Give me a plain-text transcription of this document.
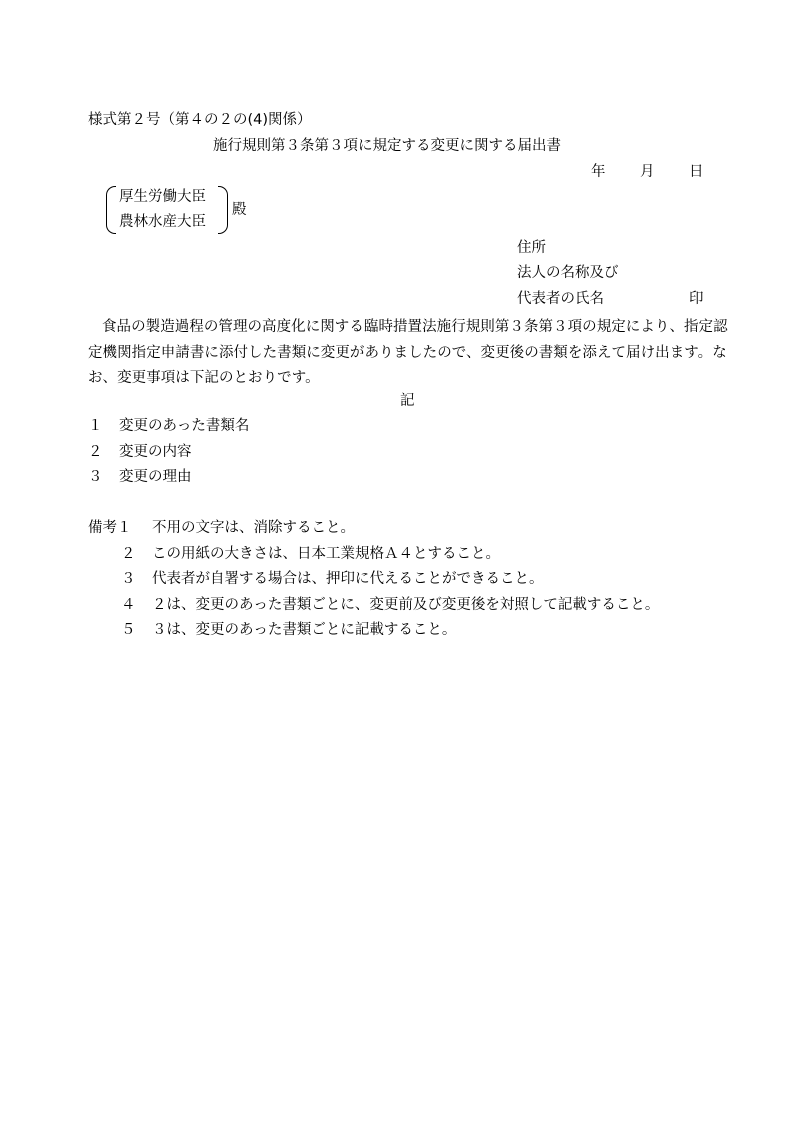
様式第２号（第４の２の(4)関係）
施行規則第３条第３項に規定する変更に関する届出書
年 月 日
厚生労働大臣
農林水産大臣
殿
住所
法人の名称及び
代表者の氏名	印
食品の製造過程の管理の高度化に関する臨時措置法施行規則第３条第３項の規定により、指定認定機関指定申請書に添付した書類に変更がありましたので、変更後の書類を添えて届け出ます。なお、変更事項は下記のとおりです。
記
１ 変更のあった書類名
２ 変更の内容
３ 変更の理由
備考１ 不用の文字は、消除すること。
２ この用紙の大きさは、日本工業規格Ａ４とすること。
３ 代表者が自署する場合は、押印に代えることができること。
４ ２は、変更のあった書類ごとに、変更前及び変更後を対照して記載すること。
５ ３は、変更のあった書類ごとに記載すること。
